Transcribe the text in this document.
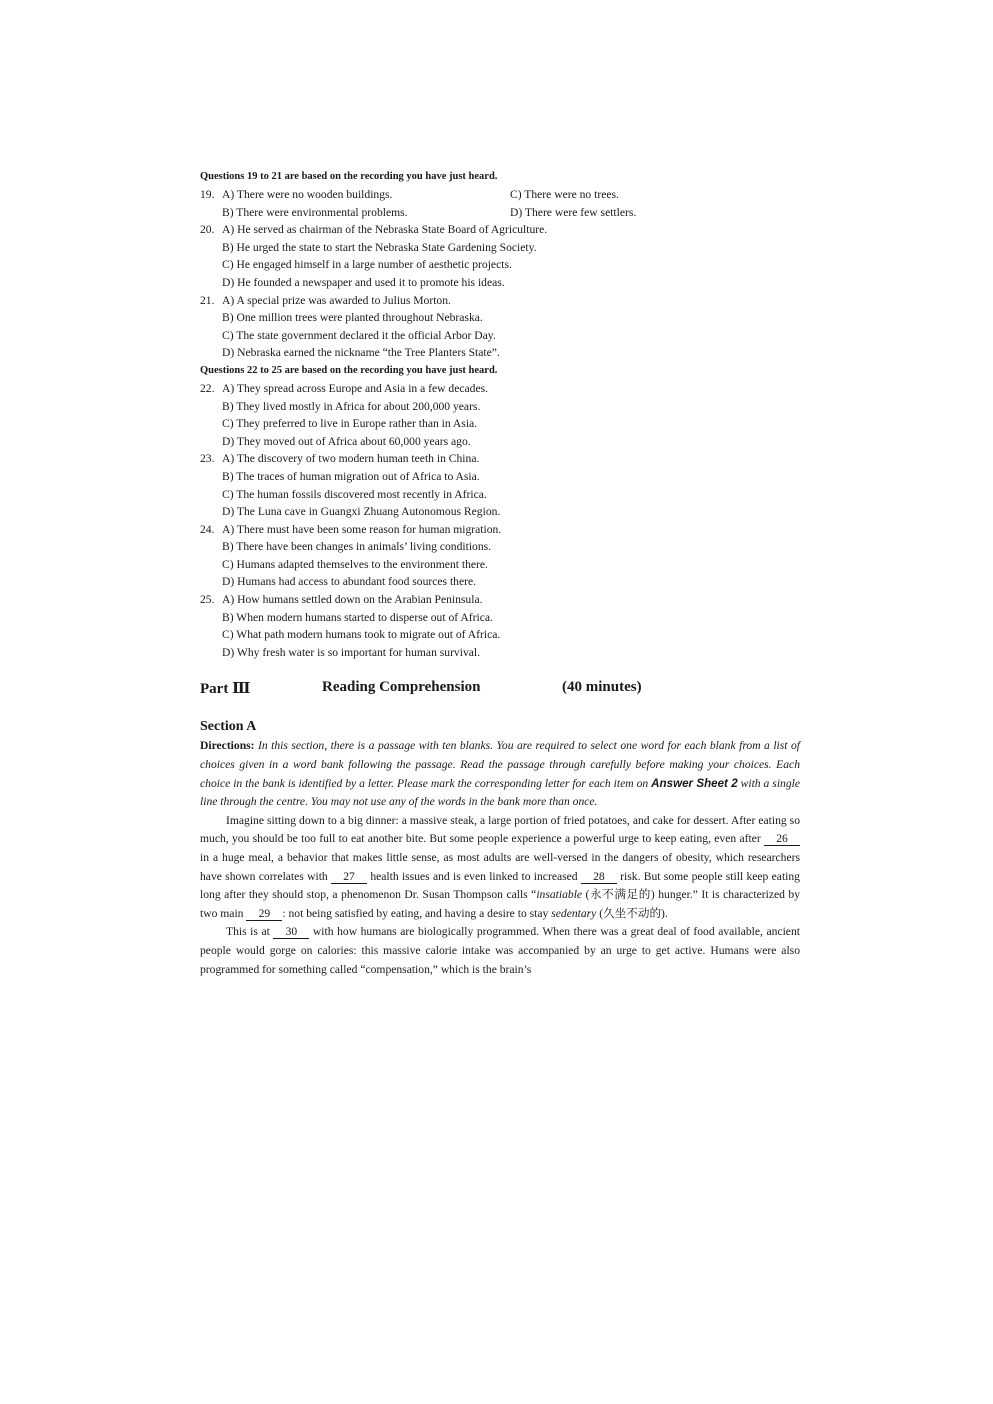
Questions 19 to 21 are based on the recording you have just heard.
19. A) There were no wooden buildings.	C) There were no trees.
B) There were environmental problems.	D) There were few settlers.
20. A) He served as chairman of the Nebraska State Board of Agriculture.
B) He urged the state to start the Nebraska State Gardening Society.
C) He engaged himself in a large number of aesthetic projects.
D) He founded a newspaper and used it to promote his ideas.
21. A) A special prize was awarded to Julius Morton.
B) One million trees were planted throughout Nebraska.
C) The state government declared it the official Arbor Day.
D) Nebraska earned the nickname “the Tree Planters State”.
Questions 22 to 25 are based on the recording you have just heard.
22. A) They spread across Europe and Asia in a few decades.
B) They lived mostly in Africa for about 200,000 years.
C) They preferred to live in Europe rather than in Asia.
D) They moved out of Africa about 60,000 years ago.
23. A) The discovery of two modern human teeth in China.
B) The traces of human migration out of Africa to Asia.
C) The human fossils discovered most recently in Africa.
D) The Luna cave in Guangxi Zhuang Autonomous Region.
24. A) There must have been some reason for human migration.
B) There have been changes in animals’ living conditions.
C) Humans adapted themselves to the environment there.
D) Humans had access to abundant food sources there.
25. A) How humans settled down on the Arabian Peninsula.
B) When modern humans started to disperse out of Africa.
C) What path modern humans took to migrate out of Africa.
D) Why fresh water is so important for human survival.
Part Ⅲ	Reading Comprehension	(40 minutes)
Section A
Directions: In this section, there is a passage with ten blanks. You are required to select one word for each blank from a list of choices given in a word bank following the passage. Read the passage through carefully before making your choices. Each choice in the bank is identified by a letter. Please mark the corresponding letter for each item on Answer Sheet 2 with a single line through the centre. You may not use any of the words in the bank more than once.

Imagine sitting down to a big dinner: a massive steak, a large portion of fried potatoes, and cake for dessert. After eating so much, you should be too full to eat another bite. But some people experience a powerful urge to keep eating, even after 26 in a huge meal, a behavior that makes little sense, as most adults are well-versed in the dangers of obesity, which researchers have shown correlates with 27 health issues and is even linked to increased 28 risk. But some people still keep eating long after they should stop, a phenomenon Dr. Susan Thompson calls “insatiable (永不满足的) hunger.” It is characterized by two main 29 : not being satisfied by eating, and having a desire to stay sedentary (久坐不动的).

This is at 30 with how humans are biologically programmed. When there was a great deal of food available, ancient people would gorge on calories: this massive calorie intake was accompanied by an urge to get active. Humans were also programmed for something called “compensation,” which is the brain’s
